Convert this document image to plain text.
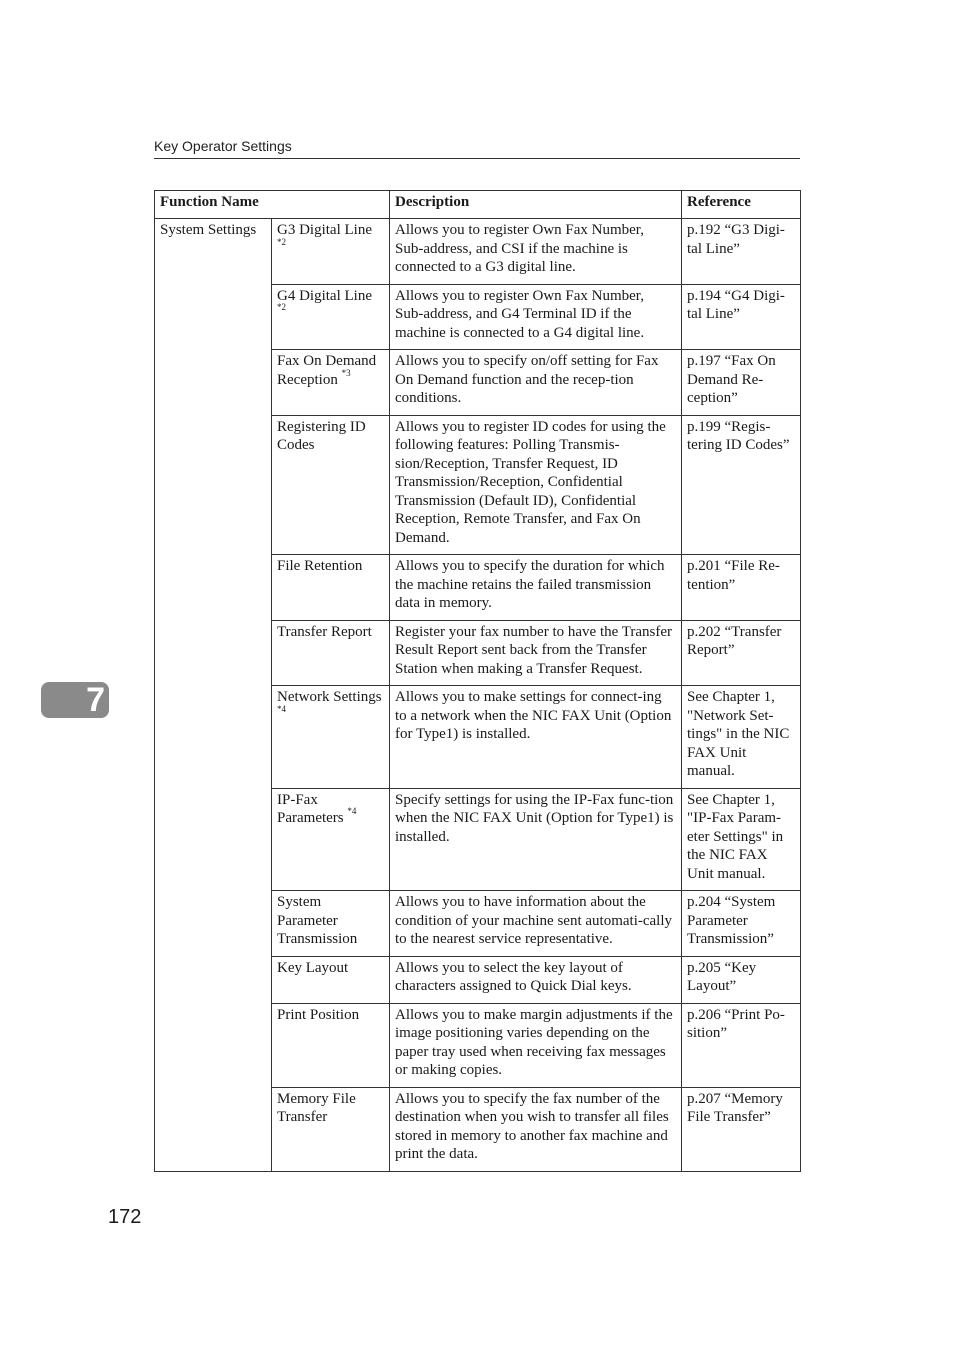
Key Operator Settings
Function Name		Description	Reference
System Settings	G3 Digital Line $^{*2}$	Allows you to register Own Fax Number, Sub-address, and CSI if the machine is connected to a G3 digital line.	p.192 “G3 Digi-tal Line”
	G4 Digital Line $^{*2}$	Allows you to register Own Fax Number, Sub-address, and G4 Terminal ID if the machine is connected to a G4 digital line.	p.194 “G4 Digi-tal Line”
	Fax On Demand Reception $^{*3}$	Allows you to specify on/off setting for Fax On Demand function and the recep-tion conditions.	p.197 “Fax On Demand Re-ception”
	Registering ID Codes	Allows you to register ID codes for using the following features: Polling Transmis-sion/Reception, Transfer Request, ID Transmission/Reception, Confidential Transmission (Default ID), Confidential Reception, Remote Transfer, and Fax On Demand.	p.199 “Regis-tering ID Codes”
	File Retention	Allows you to specify the duration for which the machine retains the failed transmission data in memory.	p.201 “File Re-tention”
	Transfer Report	Register your fax number to have the Transfer Result Report sent back from the Transfer Station when making a Transfer Request.	p.202 “Transfer Report”
	Network Settings $^{*4}$	Allows you to make settings for connect-ing to a network when the NIC FAX Unit (Option for Type1) is installed.	See Chapter 1, "Network Set-tings" in the NIC FAX Unit manual.
	IP-Fax Parameters $^{*4}$	Specify settings for using the IP-Fax func-tion when the NIC FAX Unit (Option for Type1) is installed.	See Chapter 1, "IP-Fax Param-eter Settings" in the NIC FAX Unit manual.
	System Parameter Transmission	Allows you to have information about the condition of your machine sent automati-cally to the nearest service representative.	p.204 “System Parameter Transmission”
	Key Layout	Allows you to select the key layout of characters assigned to Quick Dial keys.	p.205 “Key Layout”
	Print Position	Allows you to make margin adjustments if the image positioning varies depending on the paper tray used when receiving fax messages or making copies.	p.206 “Print Po-sition”
	Memory File Transfer	Allows you to specify the fax number of the destination when you wish to transfer all files stored in memory to another fax machine and print the data.	p.207 “Memory File Transfer”
7
172
